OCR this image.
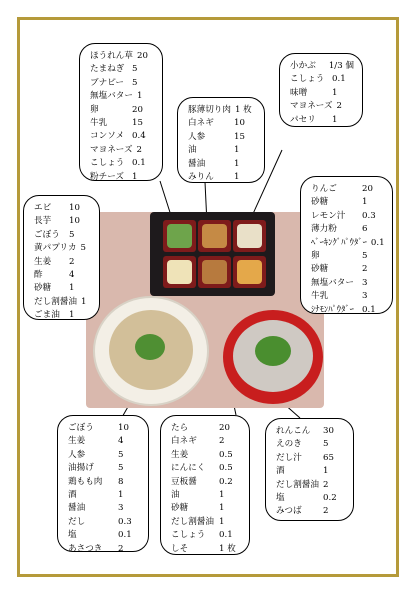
ほうれん草 20
たまねぎ 5
ブナピー 5
無塩バター 1
卵	20
牛乳	15
コンソメ 0.4
マヨネーズ 2
こしょう 0.1
粉チーズ 1
豚薄切り肉 1 枚
白ネギ	10
人参	15
油	1
醤油	1
みりん	1
小かぶ	1/3 個
こしょう 0.1
味噌	1
マヨネーズ 2
パセリ	1
エビ	10
長芋	10
ごぼう	5
黄パプリカ 5
生姜	2
酢	4
砂糖	1
だし割醤油 1
ごま油	1
りんご	20
砂糖	1
レモン汁	0.3
薄力粉	6
ﾍﾞｰｷﾝｸﾞﾊﾟｳﾀﾞｰ 0.1
卵	5
砂糖	2
無塩バター 3
牛乳	3
ｼﾅﾓﾝﾊﾟｳﾀﾞｰ 0.1
ごぼう	10
生姜	4
人参	5
油揚げ	5
鶏もも肉	8
酒	1
醤油	3
だし	0.3
塩	0.1
あさつき	2
たら	20
白ネギ	2
生姜	0.5
にんにく	0.5
豆板醤	0.2
油	1
砂糖	1
だし割醤油 1
こしょう	0.1
しそ	1 枚
れんこん	30
えのき	5
だし汁	65
酒	1
だし割醤油 2
塩	0.2
みつば	2
